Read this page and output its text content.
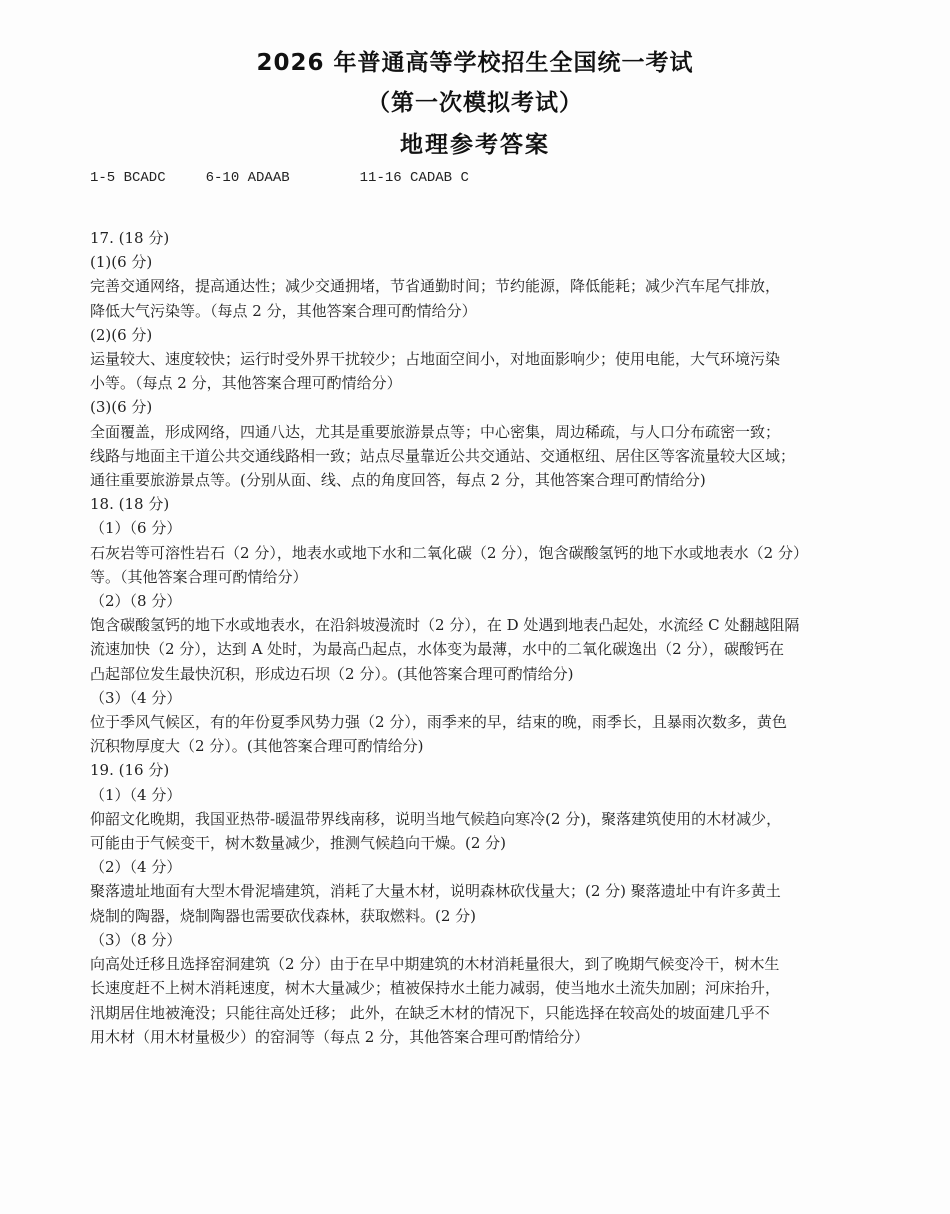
2026 年普通高等学校招生全国统一考试
（第一次模拟考试）
地理参考答案
1-5 BCADC	6-10 ADAAB	11-16 CADAB C
17. (18 分)
(1)(6 分)
完善交通网络，提高通达性；减少交通拥堵，节省通勤时间；节约能源，降低能耗；减少汽车尾气排放，
降低大气污染等。（每点 2 分，其他答案合理可酌情给分）
(2)(6 分)
运量较大、速度较快；运行时受外界干扰较少；占地面空间小，对地面影响少；使用电能，大气环境污染
小等。（每点 2 分，其他答案合理可酌情给分）
(3)(6 分)
全面覆盖，形成网络，四通八达，尤其是重要旅游景点等；中心密集，周边稀疏，与人口分布疏密一致；
线路与地面主干道公共交通线路相一致；站点尽量靠近公共交通站、交通枢纽、居住区等客流量较大区域；
通往重要旅游景点等。(分别从面、线、点的角度回答，每点 2 分，其他答案合理可酌情给分)
18. (18 分)
（1）（6 分）
石灰岩等可溶性岩石（2 分），地表水或地下水和二氧化碳（2 分），饱含碳酸氢钙的地下水或地表水（2 分）
等。（其他答案合理可酌情给分）
（2）（8 分）
饱含碳酸氢钙的地下水或地表水，在沿斜坡漫流时（2 分），在 D 处遇到地表凸起处，水流经 C 处翻越阻隔
流速加快（2 分），达到 A 处时，为最高凸起点，水体变为最薄，水中的二氧化碳逸出（2 分），碳酸钙在
凸起部位发生最快沉积，形成边石坝（2 分）。(其他答案合理可酌情给分)
（3）（4 分）
位于季风气候区，有的年份夏季风势力强（2 分），雨季来的早，结束的晚，雨季长，且暴雨次数多，黄色
沉积物厚度大（2 分）。(其他答案合理可酌情给分)
19. (16 分)
（1）（4 分）
仰韶文化晚期，我国亚热带-暖温带界线南移，说明当地气候趋向寒冷(2 分)，聚落建筑使用的木材减少，
可能由于气候变干，树木数量减少，推测气候趋向干燥。(2 分)
（2）（4 分）
聚落遗址地面有大型木骨泥墙建筑，消耗了大量木材，说明森林砍伐量大；(2 分) 聚落遗址中有许多黄土
烧制的陶器，烧制陶器也需要砍伐森林，获取燃料。(2 分)
（3）（8 分）
向高处迁移且选择窑洞建筑（2 分）由于在早中期建筑的木材消耗量很大，到了晚期气候变冷干，树木生
长速度赶不上树木消耗速度，树木大量减少；植被保持水土能力减弱，使当地水土流失加剧；河床抬升，
汛期居住地被淹没；只能往高处迁移； 此外，在缺乏木材的情况下，只能选择在较高处的坡面建几乎不
用木材（用木材量极少）的窑洞等（每点 2 分，其他答案合理可酌情给分）
